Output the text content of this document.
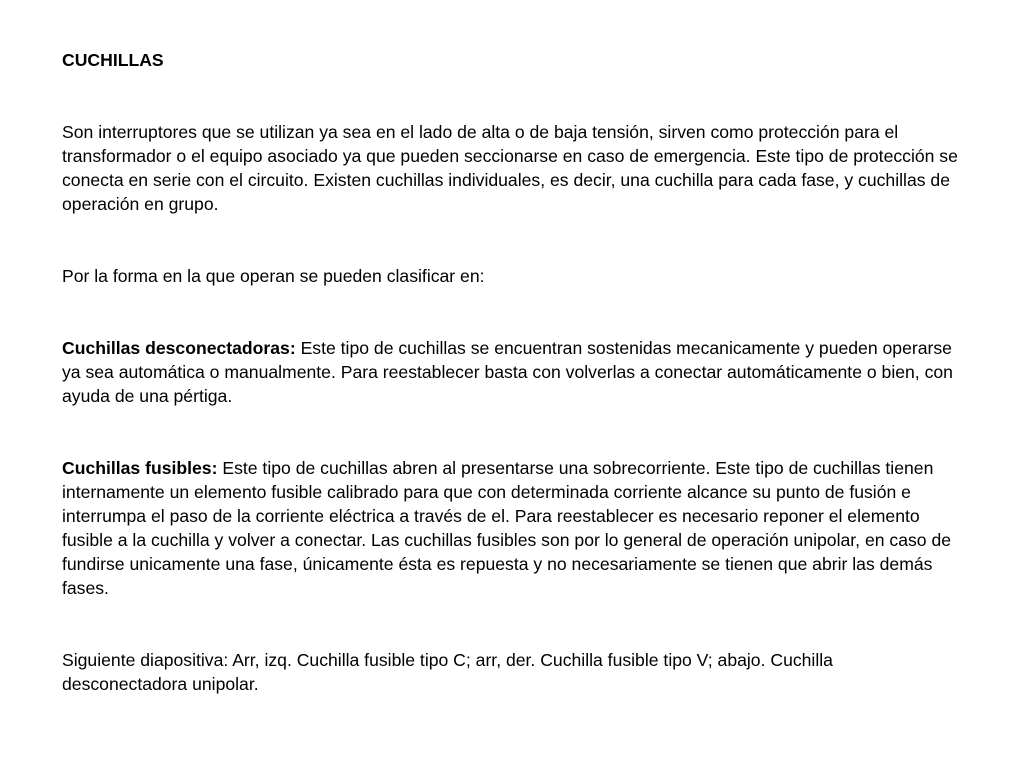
CUCHILLAS

Son interruptores que se utilizan ya sea en el lado de alta o de baja tensión, sirven como protección para el transformador o el equipo asociado ya que pueden seccionarse en caso de emergencia. Este tipo de protección se conecta en serie con el circuito. Existen cuchillas individuales, es decir, una cuchilla para cada fase, y cuchillas de operación en grupo.

Por la forma en la que operan se pueden clasificar en:

Cuchillas desconectadoras: Este tipo de cuchillas se encuentran sostenidas mecanicamente y pueden operarse ya sea automática o manualmente. Para reestablecer basta con volverlas a conectar automáticamente o bien, con ayuda de una pértiga.

Cuchillas fusibles: Este tipo de cuchillas abren al presentarse una sobrecorriente. Este tipo de cuchillas tienen internamente un elemento fusible calibrado para que con determinada corriente alcance su punto de fusión e interrumpa el paso de la corriente eléctrica a través de el. Para reestablecer es necesario reponer el elemento fusible a la cuchilla y volver a conectar. Las cuchillas fusibles son por lo general de operación unipolar, en caso de fundirse unicamente una fase, únicamente ésta es repuesta y no necesariamente se tienen que abrir las demás fases.

Siguiente diapositiva: Arr, izq. Cuchilla fusible tipo C; arr, der. Cuchilla fusible tipo V; abajo. Cuchilla desconectadora unipolar.
